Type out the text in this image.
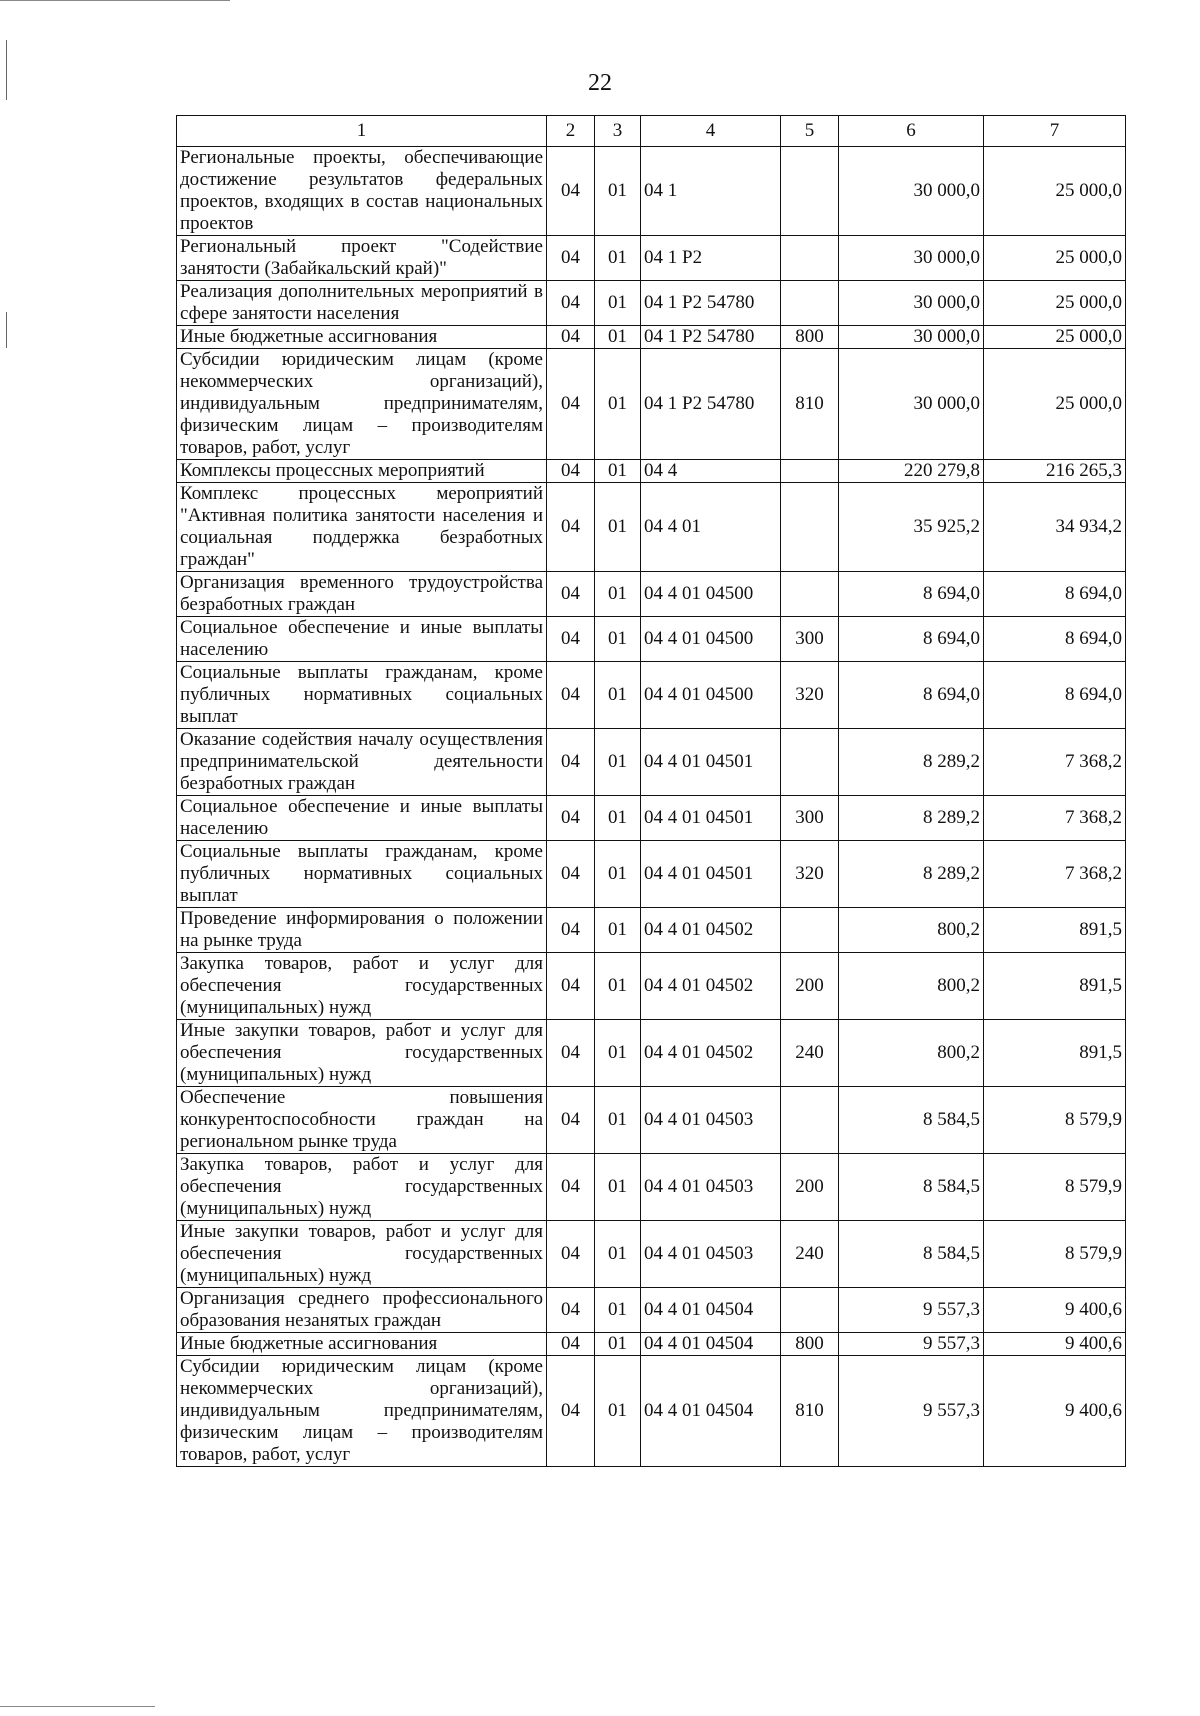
22
1	2	3	4	5	6	7
Региональные проекты, обеспечивающие достижение результатов федеральных проектов, входящих в состав национальных проектов	04	01	04 1		30 000,0	25 000,0
Региональный проект "Содействие занятости (Забайкальский край)"	04	01	04 1 P2		30 000,0	25 000,0
Реализация дополнительных мероприятий в сфере занятости населения	04	01	04 1 P2 54780		30 000,0	25 000,0
Иные бюджетные ассигнования	04	01	04 1 P2 54780	800	30 000,0	25 000,0
Субсидии юридическим лицам (кроме некоммерческих организаций), индивидуальным предпринимателям, физическим лицам – производителям товаров, работ, услуг	04	01	04 1 P2 54780	810	30 000,0	25 000,0
Комплексы процессных мероприятий	04	01	04 4		220 279,8	216 265,3
Комплекс процессных мероприятий "Активная политика занятости населения и социальная поддержка безработных граждан"	04	01	04 4 01		35 925,2	34 934,2
Организация временного трудоустройства безработных граждан	04	01	04 4 01 04500		8 694,0	8 694,0
Социальное обеспечение и иные выплаты населению	04	01	04 4 01 04500	300	8 694,0	8 694,0
Социальные выплаты гражданам, кроме публичных нормативных социальных выплат	04	01	04 4 01 04500	320	8 694,0	8 694,0
Оказание содействия началу осуществления предпринимательской деятельности безработных граждан	04	01	04 4 01 04501		8 289,2	7 368,2
Социальное обеспечение и иные выплаты населению	04	01	04 4 01 04501	300	8 289,2	7 368,2
Социальные выплаты гражданам, кроме публичных нормативных социальных выплат	04	01	04 4 01 04501	320	8 289,2	7 368,2
Проведение информирования о положении на рынке труда	04	01	04 4 01 04502		800,2	891,5
Закупка товаров, работ и услуг для обеспечения государственных (муниципальных) нужд	04	01	04 4 01 04502	200	800,2	891,5
Иные закупки товаров, работ и услуг для обеспечения государственных (муниципальных) нужд	04	01	04 4 01 04502	240	800,2	891,5
Обеспечение повышения конкурентоспособности граждан на региональном рынке труда	04	01	04 4 01 04503		8 584,5	8 579,9
Закупка товаров, работ и услуг для обеспечения государственных (муниципальных) нужд	04	01	04 4 01 04503	200	8 584,5	8 579,9
Иные закупки товаров, работ и услуг для обеспечения государственных (муниципальных) нужд	04	01	04 4 01 04503	240	8 584,5	8 579,9
Организация среднего профессионального образования незанятых граждан	04	01	04 4 01 04504		9 557,3	9 400,6
Иные бюджетные ассигнования	04	01	04 4 01 04504	800	9 557,3	9 400,6
Субсидии юридическим лицам (кроме некоммерческих организаций), индивидуальным предпринимателям, физическим лицам – производителям товаров, работ, услуг	04	01	04 4 01 04504	810	9 557,3	9 400,6
